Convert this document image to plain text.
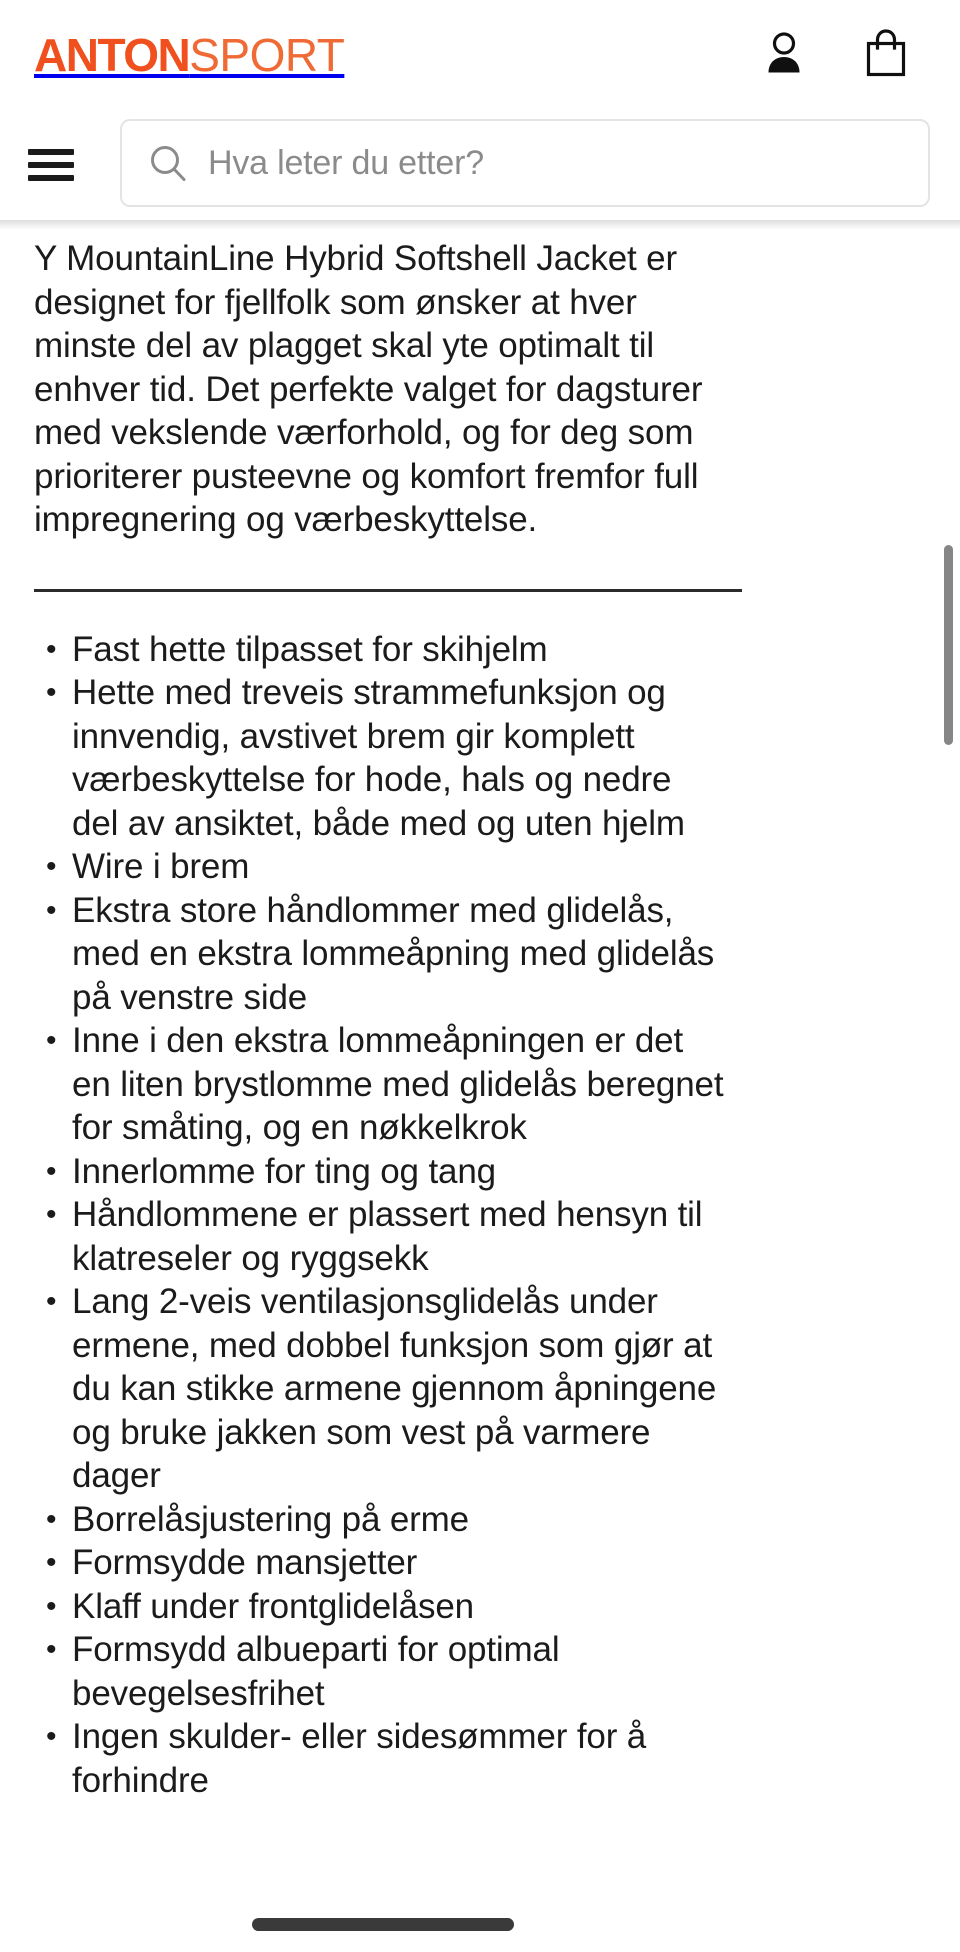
ANTONSPORT
Hva leter du etter?

Y MountainLine Hybrid Softshell Jacket er designet for fjellfolk som ønsker at hver minste del av plagget skal yte optimalt til enhver tid. Det perfekte valget for dagsturer med vekslende værforhold, og for deg som prioriterer pusteevne og komfort fremfor full impregnering og værbeskyttelse.

• Fast hette tilpasset for skihjelm
• Hette med treveis strammefunksjon og innvendig, avstivet brem gir komplett værbeskyttelse for hode, hals og nedre del av ansiktet, både med og uten hjelm
• Wire i brem
• Ekstra store håndlommer med glidelås, med en ekstra lommeåpning med glidelås på venstre side
• Inne i den ekstra lommeåpningen er det en liten brystlomme med glidelås beregnet for småting, og en nøkkelkrok
• Innerlomme for ting og tang
• Håndlommene er plassert med hensyn til klatreseler og ryggsekk
• Lang 2-veis ventilasjonsglidelås under ermene, med dobbel funksjon som gjør at du kan stikke armene gjennom åpningene og bruke jakken som vest på varmere dager
• Borrelåsjustering på erme
• Formsydde mansjetter
• Klaff under frontglidelåsen
• Formsydd albueparti for optimal bevegelsesfrihet
• Ingen skulder- eller sidesømmer for å forhindre
